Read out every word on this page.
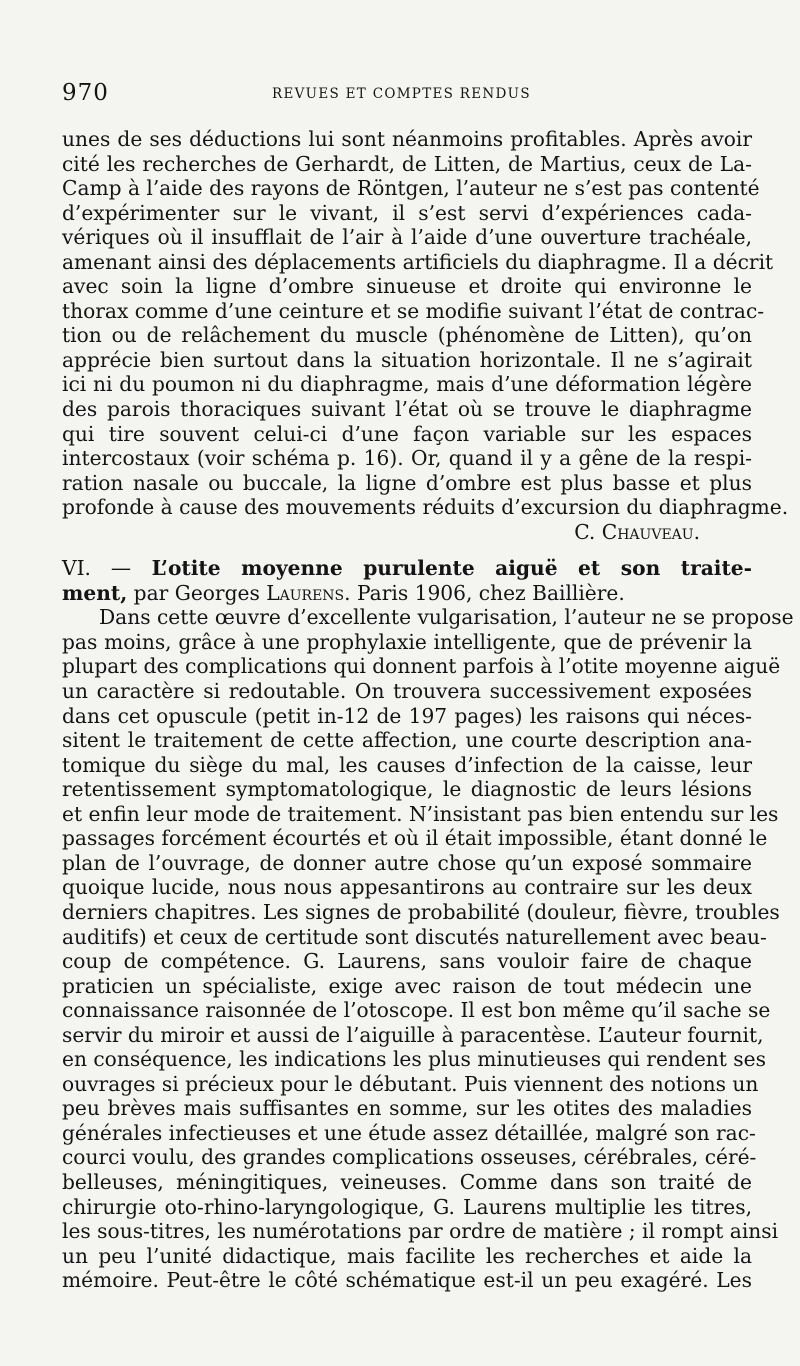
970	REVUES ET COMPTES RENDUS
unes de ses déductions lui sont néanmoins profitables. Après avoir
cité les recherches de Gerhardt, de Litten, de Martius, ceux de La-
Camp à l’aide des rayons de Röntgen, l’auteur ne s’est pas contenté
d’expérimenter sur le vivant, il s’est servi d’expériences cada-
vériques où il insufflait de l’air à l’aide d’une ouverture trachéale,
amenant ainsi des déplacements artificiels du diaphragme. Il a décrit
avec soin la ligne d’ombre sinueuse et droite qui environne le
thorax comme d’une ceinture et se modifie suivant l’état de contrac-
tion ou de relâchement du muscle (phénomène de Litten), qu’on
apprécie bien surtout dans la situation horizontale. Il ne s’agirait
ici ni du poumon ni du diaphragme, mais d’une déformation légère
des parois thoraciques suivant l’état où se trouve le diaphragme
qui tire souvent celui-ci d’une façon variable sur les espaces
intercostaux (voir schéma p. 16). Or, quand il y a gêne de la respi-
ration nasale ou buccale, la ligne d’ombre est plus basse et plus
profonde à cause des mouvements réduits d’excursion du diaphragme.
C. Chauveau.
VI. — L’otite moyenne purulente aiguë et son traite-
ment, par Georges Laurens. Paris 1906, chez Baillière.
Dans cette œuvre d’excellente vulgarisation, l’auteur ne se propose
pas moins, grâce à une prophylaxie intelligente, que de prévenir la
plupart des complications qui donnent parfois à l’otite moyenne aiguë
un caractère si redoutable. On trouvera successivement exposées
dans cet opuscule (petit in-12 de 197 pages) les raisons qui néces-
sitent le traitement de cette affection, une courte description ana-
tomique du siège du mal, les causes d’infection de la caisse, leur
retentissement symptomatologique, le diagnostic de leurs lésions
et enfin leur mode de traitement. N’insistant pas bien entendu sur les
passages forcément écourtés et où il était impossible, étant donné le
plan de l’ouvrage, de donner autre chose qu’un exposé sommaire
quoique lucide, nous nous appesantirons au contraire sur les deux
derniers chapitres. Les signes de probabilité (douleur, fièvre, troubles
auditifs) et ceux de certitude sont discutés naturellement avec beau-
coup de compétence. G. Laurens, sans vouloir faire de chaque
praticien un spécialiste, exige avec raison de tout médecin une
connaissance raisonnée de l’otoscope. Il est bon même qu’il sache se
servir du miroir et aussi de l’aiguille à paracentèse. L’auteur fournit,
en conséquence, les indications les plus minutieuses qui rendent ses
ouvrages si précieux pour le débutant. Puis viennent des notions un
peu brèves mais suffisantes en somme, sur les otites des maladies
générales infectieuses et une étude assez détaillée, malgré son rac-
courci voulu, des grandes complications osseuses, cérébrales, céré-
belleuses, méningitiques, veineuses. Comme dans son traité de
chirurgie oto-rhino-laryngologique, G. Laurens multiplie les titres,
les sous-titres, les numérotations par ordre de matière ; il rompt ainsi
un peu l’unité didactique, mais facilite les recherches et aide la
mémoire. Peut-être le côté schématique est-il un peu exagéré. Les
